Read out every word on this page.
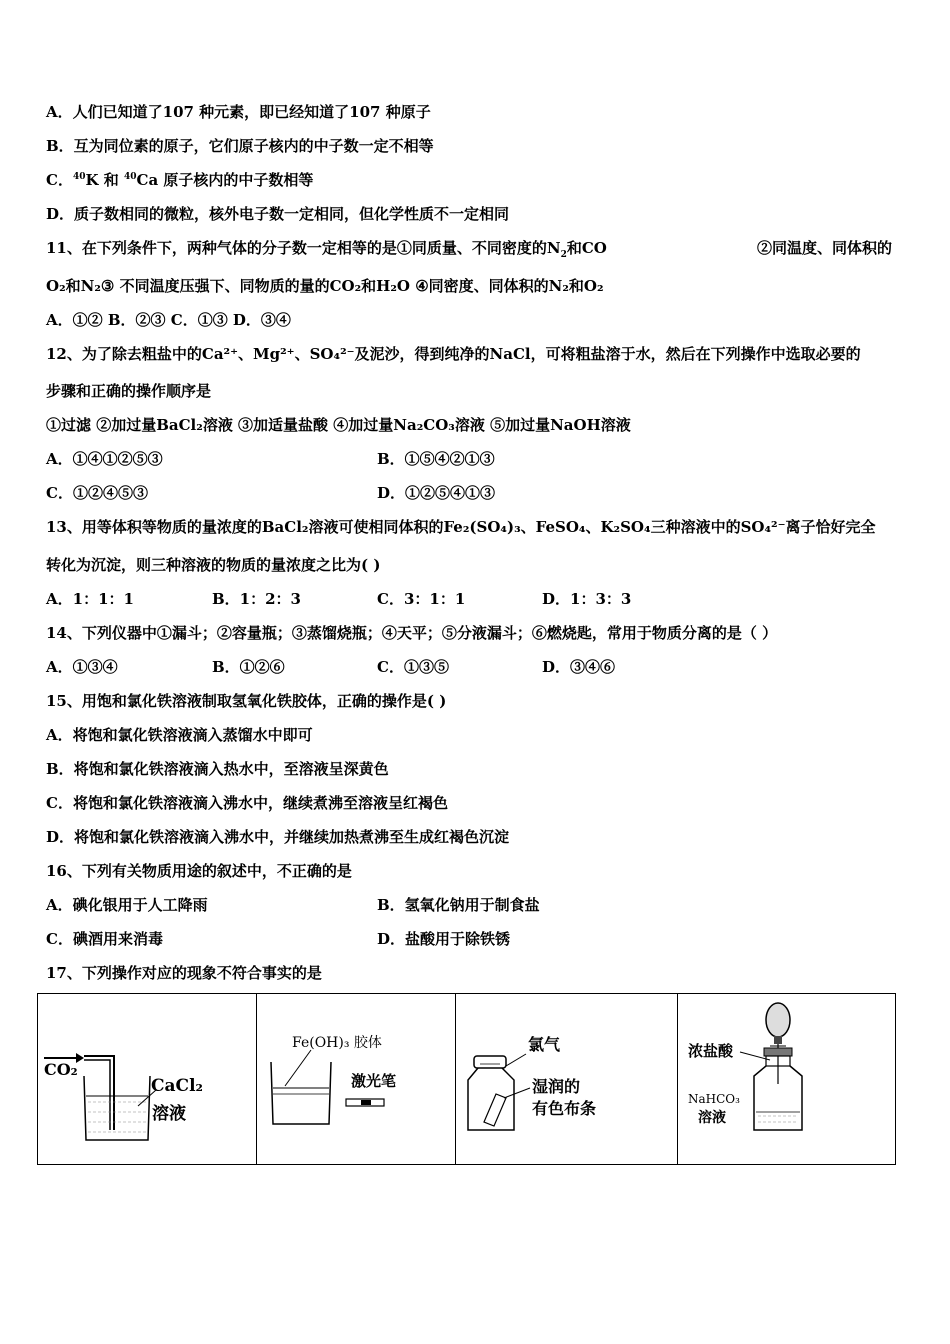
A．人们已知道了107 种元素，即已经知道了107 种原子
B．互为同位素的原子，它们原子核内的中子数一定不相等
C．$^{40}$K 和 $^{40}$Ca 原子核内的中子数相等
D．质子数相同的微粒，核外电子数一定相同，但化学性质不一定相同
11、在下列条件下，两种气体的分子数一定相等的是①同质量、不同密度的$N_2$和CO	②同温度、同体积的
O₂和N₂③ 不同温度压强下、同物质的量的CO₂和H₂O ④同密度、同体积的N₂和O₂
A．①② B．②③ C．①③ D．③④
12、为了除去粗盐中的Ca²⁺、Mg²⁺、SO₄²⁻及泥沙，得到纯净的NaCl，可将粗盐溶于水，然后在下列操作中选取必要的
步骤和正确的操作顺序是
①过滤 ②加过量BaCl₂溶液 ③加适量盐酸 ④加过量Na₂CO₃溶液 ⑤加过量NaOH溶液
A．①④①②⑤③	B．①⑤④②①③
C．①②④⑤③	D．①②⑤④①③
13、用等体积等物质的量浓度的BaCl₂溶液可使相同体积的Fe₂(SO₄)₃、FeSO₄、K₂SO₄三种溶液中的SO₄²⁻离子恰好完全
转化为沉淀，则三种溶液的物质的量浓度之比为( )
A．1：1：1	B．1：2：3	C．3：1：1	D．1：3：3
14、下列仪器中①漏斗；②容量瓶；③蒸馏烧瓶；④天平；⑤分液漏斗；⑥燃烧匙，常用于物质分离的是（ ）
A．①③④	B．①②⑥	C．①③⑤	D．③④⑥
15、用饱和氯化铁溶液制取氢氧化铁胶体，正确的操作是( )
A．将饱和氯化铁溶液滴入蒸馏水中即可
B．将饱和氯化铁溶液滴入热水中，至溶液呈深黄色
C．将饱和氯化铁溶液滴入沸水中，继续煮沸至溶液呈红褐色
D．将饱和氯化铁溶液滴入沸水中，并继续加热煮沸至生成红褐色沉淀
16、下列有关物质用途的叙述中，不正确的是
A．碘化银用于人工降雨	B．氢氧化钠用于制食盐
C．碘酒用来消毒	D．盐酸用于除铁锈
17、下列操作对应的现象不符合事实的是
CO₂
CaCl₂
溶液
Fe(OH)₃ 胶体
激光笔
氯气
湿润的
有色布条
浓盐酸
NaHCO₃
溶液
